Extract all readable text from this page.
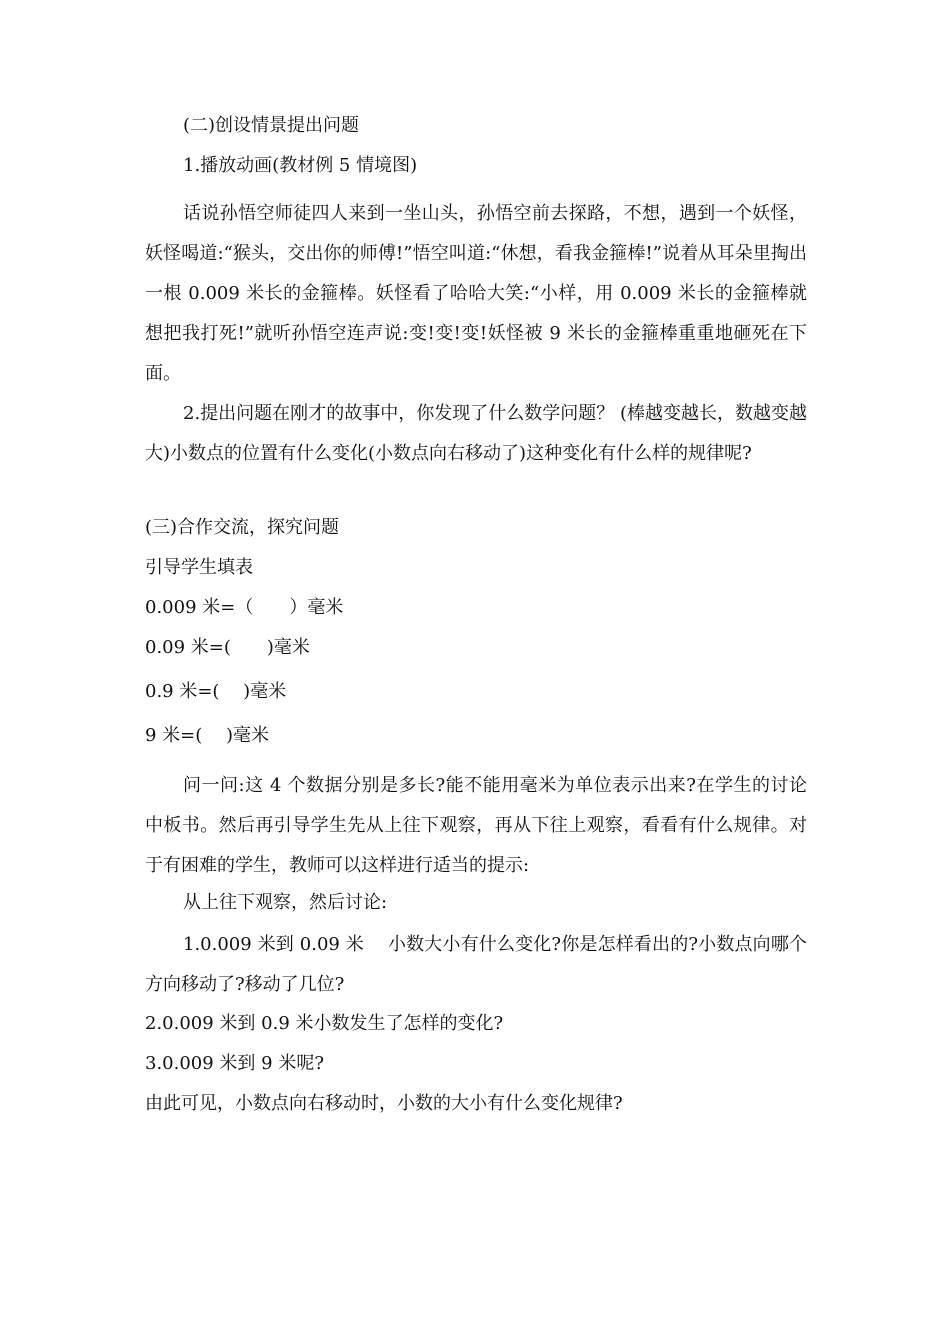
(二)创设情景提出问题
1.播放动画(教材例 5 情境图)
话说孙悟空师徒四人来到一坐山头，孙悟空前去探路，不想，遇到一个妖怪，妖怪喝道:“猴头，交出你的师傅!”悟空叫道:“休想，看我金箍棒!”说着从耳朵里掏出一根 0.009 米长的金箍棒。妖怪看了哈哈大笑:“小样，用 0.009 米长的金箍棒就想把我打死!”就听孙悟空连声说:变!变!变!妖怪被 9 米长的金箍棒重重地砸死在下面。
2.提出问题在刚才的故事中，你发现了什么数学问题？ (棒越变越长，数越变越大)小数点的位置有什么变化(小数点向右移动了)这种变化有什么样的规律呢?
(三)合作交流，探究问题
引导学生填表
0.009 米=（　　）毫米
0.09 米=(　　)毫米
0.9 米=(　 )毫米
9 米=(　 )毫米
问一问:这 4 个数据分别是多长?能不能用毫米为单位表示出来?在学生的讨论中板书。然后再引导学生先从上往下观察，再从下往上观察，看看有什么规律。对于有困难的学生，教师可以这样进行适当的提示:
从上往下观察，然后讨论:
1.0.009 米到 0.09 米　 小数大小有什么变化?你是怎样看出的?小数点向哪个方向移动了?移动了几位?
2.0.009 米到 0.9 米小数发生了怎样的变化?
3.0.009 米到 9 米呢?
由此可见，小数点向右移动时，小数的大小有什么变化规律?
